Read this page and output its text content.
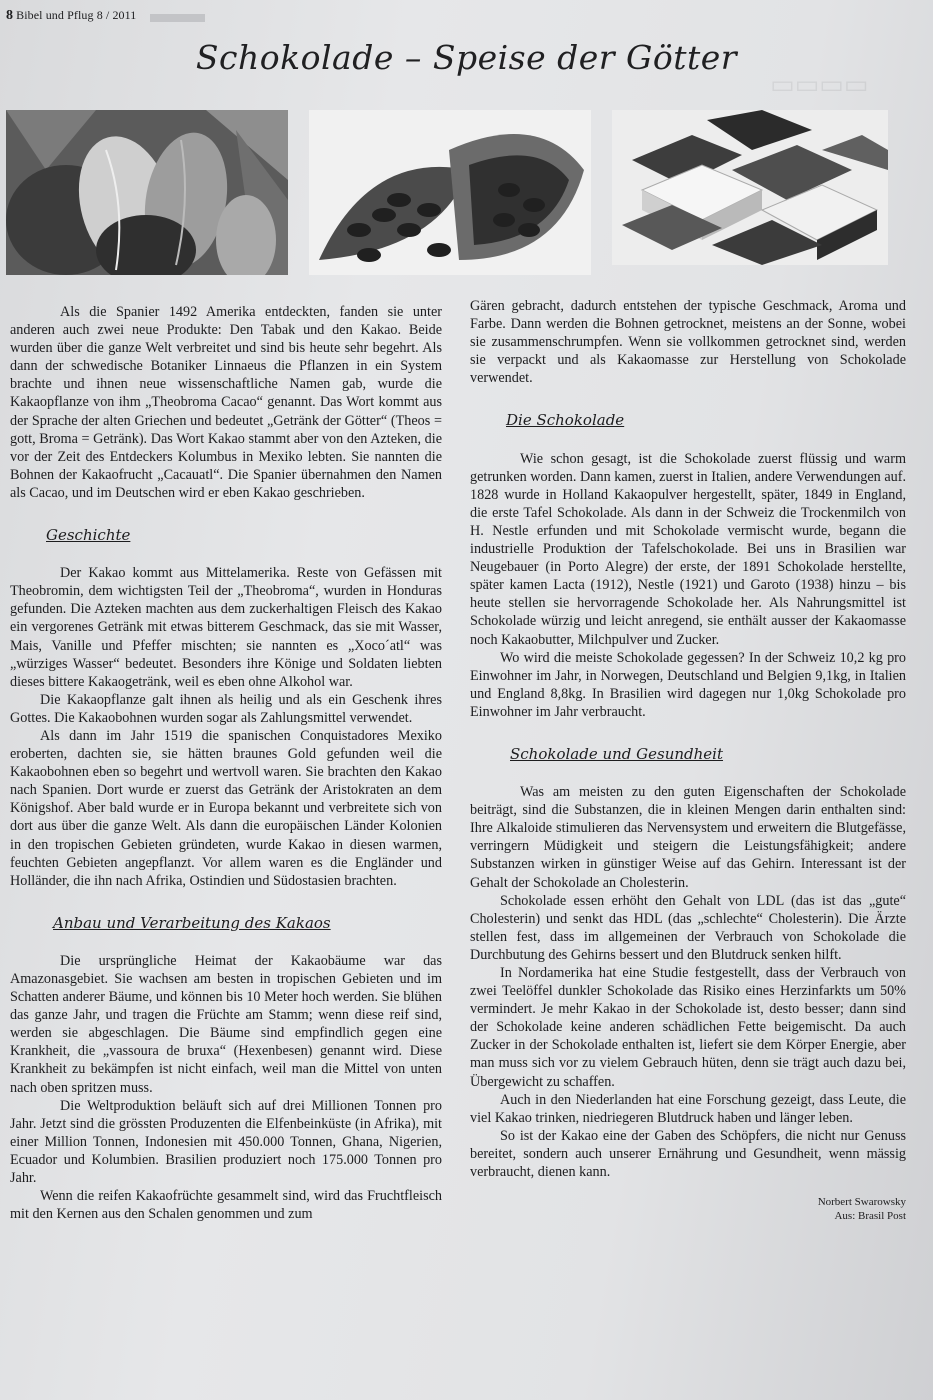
▭▭▭▭
8 Bibel und Pflug 8 / 2011
Schokolade – Speise der Götter

Als die Spanier 1492 Amerika entdeckten, fanden sie unter anderen auch zwei neue Produkte: Den Tabak und den Kakao. Beide wurden über die ganze Welt verbreitet und sind bis heute sehr begehrt. Als dann der schwedische Botaniker Linnaeus die Pflanzen in ein System brachte und ihnen neue wissenschaftliche Namen gab, wurde die Kakaopflanze von ihm „Theobroma Cacao“ genannt. Das Wort kommt aus der Sprache der alten Griechen und bedeutet „Getränk der Götter“ (Theos = gott, Broma = Getränk). Das Wort Kakao stammt aber von den Azteken, die vor der Zeit des Entdeckers Kolumbus in Mexiko lebten. Sie nannten die Bohnen der Kakaofrucht „Cacauatl“. Die Spanier übernahmen den Namen als Cacao, und im Deutschen wird er eben Kakao geschrieben.

Geschichte

Der Kakao kommt aus Mittelamerika. Reste von Gefässen mit Theobromin, dem wichtigsten Teil der „Theobroma“, wurden in Honduras gefunden. Die Azteken machten aus dem zuckerhaltigen Fleisch des Kakao ein vergorenes Getränk mit etwas bitterem Geschmack, das sie mit Wasser, Mais, Vanille und Pfeffer mischten; sie nannten es „Xoco´atl“ was „würziges Wasser“ bedeutet. Besonders ihre Könige und Soldaten liebten dieses bittere Kakaogetränk, weil es eben ohne Alkohol war.

Die Kakaopflanze galt ihnen als heilig und als ein Geschenk ihres Gottes. Die Kakaobohnen wurden sogar als Zahlungsmittel verwendet.

Als dann im Jahr 1519 die spanischen Conquistadores Mexiko eroberten, dachten sie, sie hätten braunes Gold gefunden weil die Kakaobohnen eben so begehrt und wertvoll waren. Sie brachten den Kakao nach Spanien. Dort wurde er zuerst das Getränk der Aristokraten an dem Königshof. Aber bald wurde er in Europa bekannt und verbreitete sich von dort aus über die ganze Welt. Als dann die europäischen Länder Kolonien in den tropischen Gebieten gründeten, wurde Kakao in diesen warmen, feuchten Gebieten angepflanzt. Vor allem waren es die Engländer und Holländer, die ihn nach Afrika, Ostindien und Südostasien brachten.

Anbau und Verarbeitung des Kakaos

Die ursprüngliche Heimat der Kakaobäume war das Amazonasgebiet. Sie wachsen am besten in tropischen Gebieten und im Schatten anderer Bäume, und können bis 10 Meter hoch werden. Sie blühen das ganze Jahr, und tragen die Früchte am Stamm; wenn diese reif sind, werden sie abgeschlagen. Die Bäume sind empfindlich gegen eine Krankheit, die „vassoura de bruxa“ (Hexenbesen) genannt wird. Diese Krankheit zu bekämpfen ist nicht einfach, weil man die Mittel von unten nach oben spritzen muss.

Die Weltproduktion beläuft sich auf drei Millionen Tonnen pro Jahr. Jetzt sind die grössten Produzenten die Elfenbeinküste (in Afrika), mit einer Million Tonnen, Indonesien mit 450.000 Tonnen, Ghana, Nigerien, Ecuador und Kolumbien. Brasilien produziert noch 175.000 Tonnen pro Jahr.

Wenn die reifen Kakaofrüchte gesammelt sind, wird das Fruchtfleisch mit den Kernen aus den Schalen genommen und zum

Gären gebracht, dadurch entstehen der typische Geschmack, Aroma und Farbe. Dann werden die Bohnen getrocknet, meistens an der Sonne, wobei sie zusammenschrumpfen. Wenn sie vollkommen getrocknet sind, werden sie verpackt und als Kakaomasse zur Herstellung von Schokolade verwendet.

Die Schokolade

Wie schon gesagt, ist die Schokolade zuerst flüssig und warm getrunken worden. Dann kamen, zuerst in Italien, andere Verwendungen auf. 1828 wurde in Holland Kakaopulver hergestellt, später, 1849 in England, die erste Tafel Schokolade. Als dann in der Schweiz die Trockenmilch von H. Nestle erfunden und mit Schokolade vermischt wurde, begann die industrielle Produktion der Tafelschokolade. Bei uns in Brasilien war Neugebauer (in Porto Alegre) der erste, der 1891 Schokolade herstellte, später kamen Lacta (1912), Nestle (1921) und Garoto (1938) hinzu – bis heute stellen sie hervorragende Schokolade her. Als Nahrungsmittel ist Schokolade würzig und leicht anregend, sie enthält ausser der Kakaomasse noch Kakaobutter, Milchpulver und Zucker.

Wo wird die meiste Schokolade gegessen? In der Schweiz 10,2 kg pro Einwohner im Jahr, in Norwegen, Deutschland und Belgien 9,1kg, in Italien und England 8,8kg. In Brasilien wird dagegen nur 1,0kg Schokolade pro Einwohner im Jahr verbraucht.

Schokolade und Gesundheit

Was am meisten zu den guten Eigenschaften der Schokolade beiträgt, sind die Substanzen, die in kleinen Mengen darin enthalten sind: Ihre Alkaloide stimulieren das Nervensystem und erweitern die Blutgefässe, verringern Müdigkeit und steigern die Leistungsfähigkeit; andere Substanzen wirken in günstiger Weise auf das Gehirn. Interessant ist der Gehalt der Schokolade an Cholesterin.

Schokolade essen erhöht den Gehalt von LDL (das ist das „gute“ Cholesterin) und senkt das HDL (das „schlechte“ Cholesterin). Die Ärzte stellen fest, dass im allgemeinen der Verbrauch von Schokolade die Durchbutung des Gehirns bessert und den Blutdruck senken hilft.

In Nordamerika hat eine Studie festgestellt, dass der Verbrauch von zwei Teelöffel dunkler Schokolade das Risiko eines Herzinfarkts um 50% vermindert. Je mehr Kakao in der Schokolade ist, desto besser; dann sind der Schokolade keine anderen schädlichen Fette beigemischt. Da auch Zucker in der Schokolade enthalten ist, liefert sie dem Körper Energie, aber man muss sich vor zu vielem Gebrauch hüten, denn sie trägt auch dazu bei, Übergewicht zu schaffen.

Auch in den Niederlanden hat eine Forschung gezeigt, dass Leute, die viel Kakao trinken, niedriegeren Blutdruck haben und länger leben.

So ist der Kakao eine der Gaben des Schöpfers, die nicht nur Genuss bereitet, sondern auch unserer Ernährung und Gesundheit, wenn mässig verbraucht, dienen kann.

Norbert Swarowsky
Aus: Brasil Post
